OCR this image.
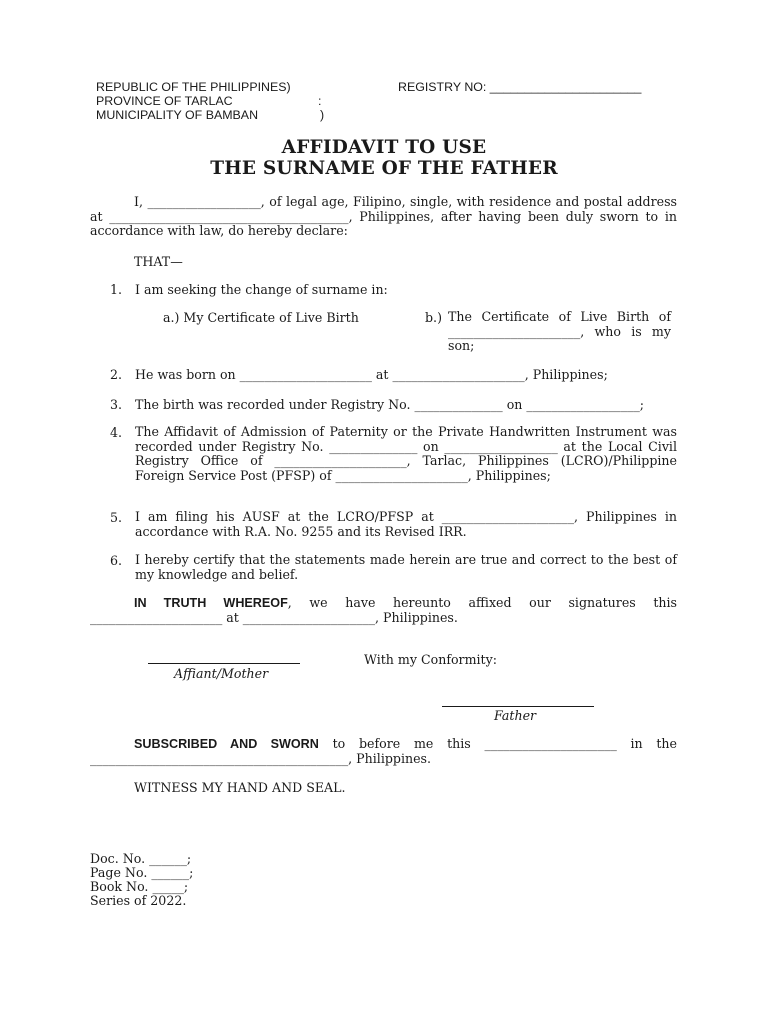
REPUBLIC OF THE PHILIPPINES)
PROVINCE OF TARLAC	:
MUNICIPALITY OF BAMBAN	)
REGISTRY NO: ______________________
AFFIDAVIT TO USE
THE SURNAME OF THE FATHER
I, __________________, of legal age, Filipino, single, with residence and postal address at ______________________________________, Philippines, after having been duly sworn to in accordance with law, do hereby declare:
THAT—
1. I am seeking the change of surname in:
a.) My Certificate of Live Birth	b.) The Certificate of Live Birth of _____________________, who is my son;
2. He was born on _____________________ at _____________________, Philippines;
3. The birth was recorded under Registry No. ______________ on __________________;
4. The Affidavit of Admission of Paternity or the Private Handwritten Instrument was recorded under Registry No. ______________ on __________________ at the Local Civil Registry Office of _____________________, Tarlac, Philippines (LCRO)/Philippine Foreign Service Post (PFSP) of _____________________, Philippines;
5. I am filing his AUSF at the LCRO/PFSP at _____________________, Philippines in accordance with R.A. No. 9255 and its Revised IRR.
6. I hereby certify that the statements made herein are true and correct to the best of my knowledge and belief.
IN TRUTH WHEREOF, we have hereunto affixed our signatures this _____________________ at _____________________, Philippines.
Affiant/Mother
With my Conformity:
Father
SUBSCRIBED AND SWORN to before me this _____________________ in the _________________________________________, Philippines.
WITNESS MY HAND AND SEAL.
Doc. No. ______;
Page No. ______;
Book No. _____;
Series of 2022.
